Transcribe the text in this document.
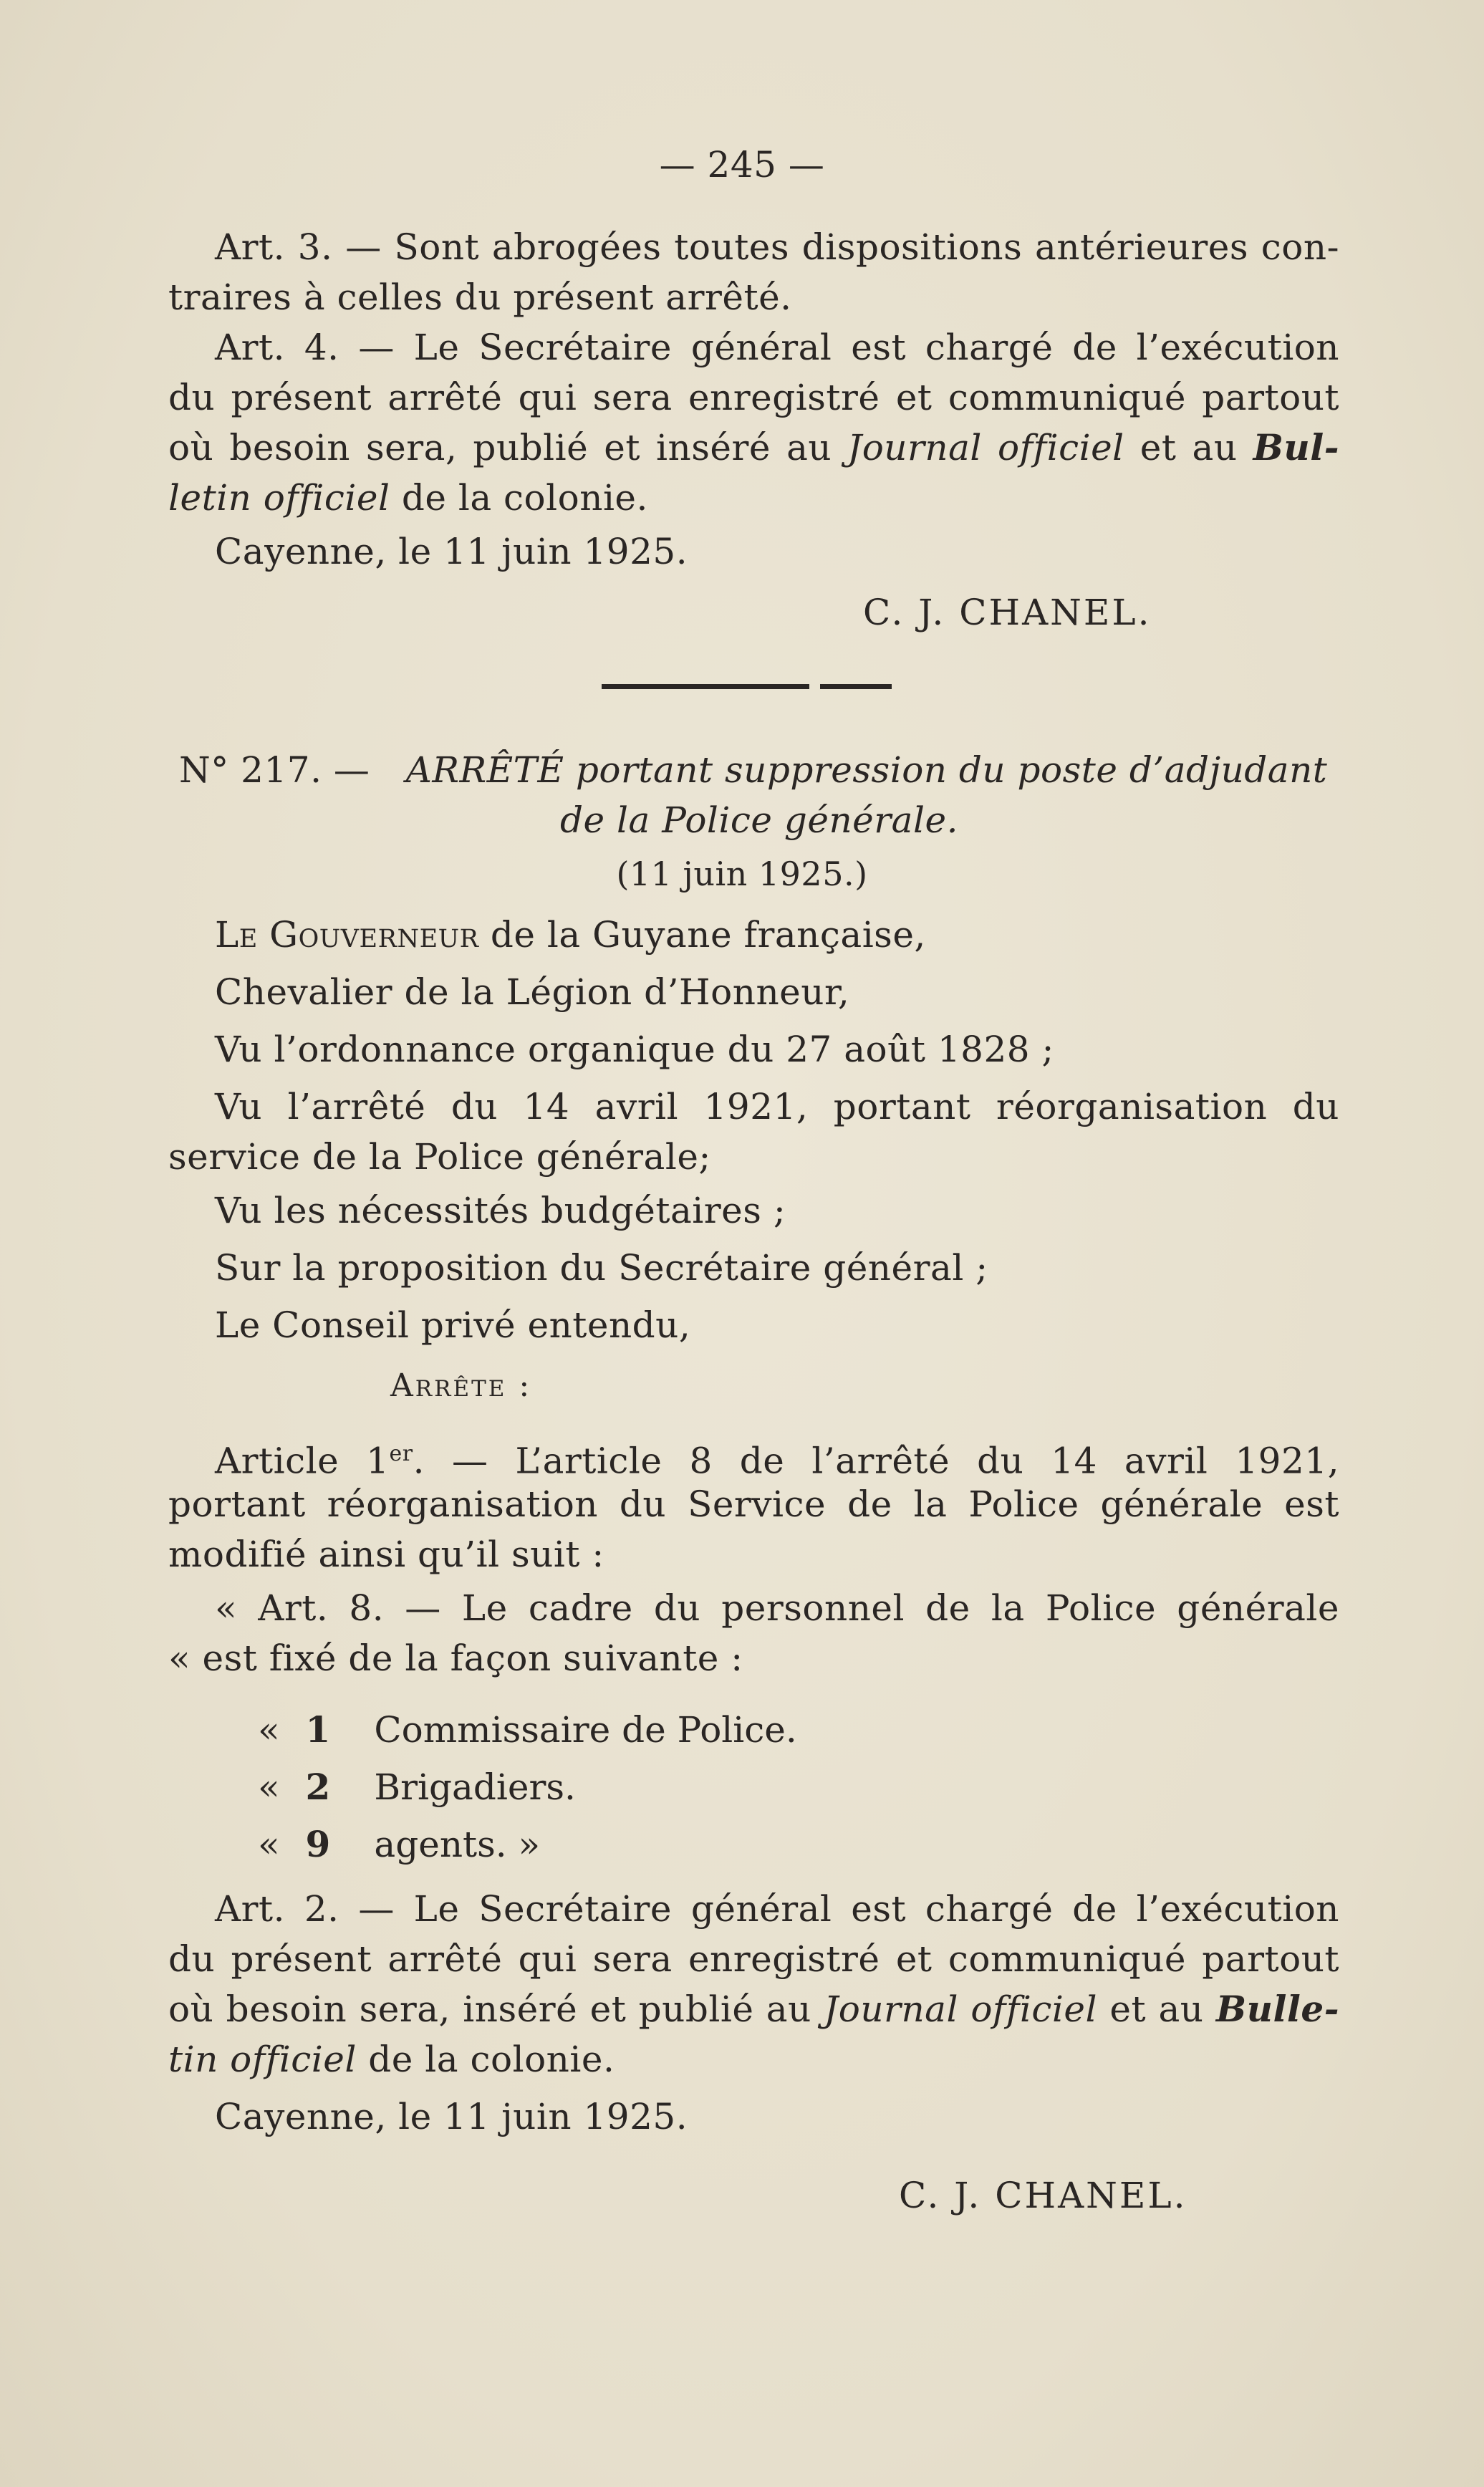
— 245 —
Art. 3. — Sont abrogées toutes dispositions antérieures con-
traires à celles du présent arrêté.
Art. 4. — Le Secrétaire général est chargé de l’exécution
du présent arrêté qui sera enregistré et communiqué partout
où besoin sera, publié et inséré au Journal officiel et au Bul-
letin officiel de la colonie.
Cayenne, le 11 juin 1925.
C. J. CHANEL.
N° 217. — ARRÊTÉ portant suppression du poste d’adjudant
de la Police générale.
(11 juin 1925.)
Le Gouverneur de la Guyane française,
Chevalier de la Légion d’Honneur,
Vu l’ordonnance organique du 27 août 1828 ;
Vu l’arrêté du 14 avril 1921, portant réorganisation du
service de la Police générale;
Vu les nécessités budgétaires ;
Sur la proposition du Secrétaire général ;
Le Conseil privé entendu,
Arrête :
Article 1er. — L’article 8 de l’arrêté du 14 avril 1921,
portant réorganisation du Service de la Police générale est
modifié ainsi qu’il suit :
« Art. 8. — Le cadre du personnel de la Police générale
« est fixé de la façon suivante :
« 1 Commissaire de Police.
« 2 Brigadiers.
« 9 agents. »
Art. 2. — Le Secrétaire général est chargé de l’exécution
du présent arrêté qui sera enregistré et communiqué partout
où besoin sera, inséré et publié au Journal officiel et au Bulle-
tin officiel de la colonie.
Cayenne, le 11 juin 1925.
C. J. CHANEL.
